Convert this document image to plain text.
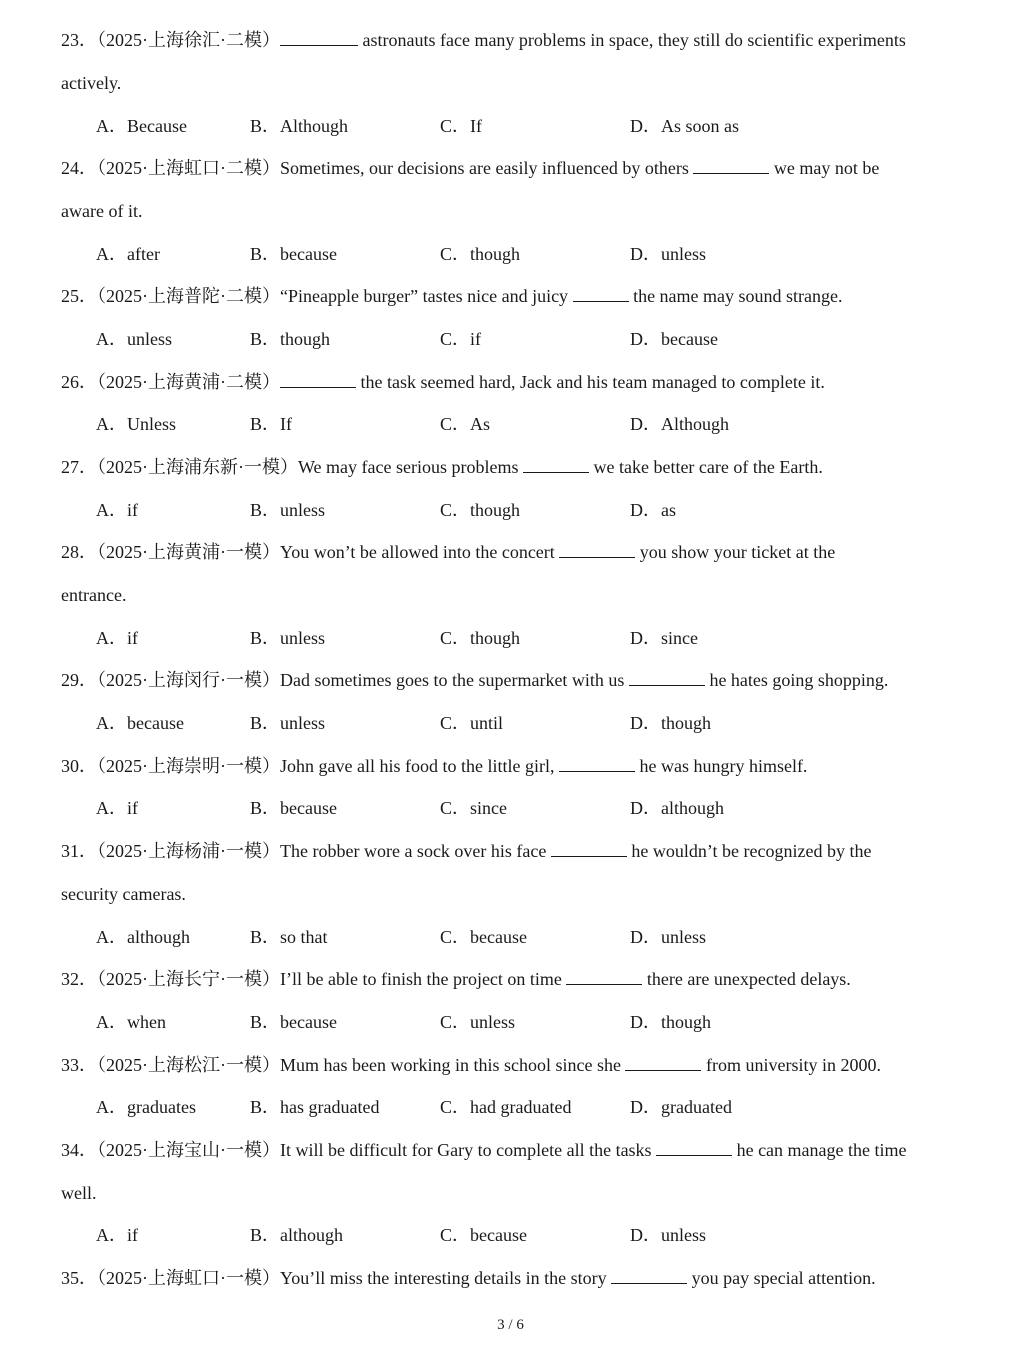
23．（2025·上海徐汇·二模）	astronauts face many problems in space, they still do scientific experiments
actively.
A．Because	B．Although	C．If	D．As soon as
24．（2025·上海虹口·二模）Sometimes, our decisions are easily influenced by others	we may not be
aware of it.
A．after	B．because	C．though	D．unless
25．（2025·上海普陀·二模）“Pineapple burger” tastes nice and juicy	the name may sound strange.
A．unless	B．though	C．if	D．because
26．（2025·上海黄浦·二模）	the task seemed hard, Jack and his team managed to complete it.
A．Unless	B．If	C．As	D．Although
27．（2025·上海浦东新·一模）We may face serious problems	we take better care of the Earth.
A．if	B．unless	C．though	D．as
28．（2025·上海黄浦·一模）You won’t be allowed into the concert	you show your ticket at the
entrance.
A．if	B．unless	C．though	D．since
29．（2025·上海闵行·一模）Dad sometimes goes to the supermarket with us	he hates going shopping.
A．because	B．unless	C．until	D．though
30．（2025·上海崇明·一模）John gave all his food to the little girl,	he was hungry himself.
A．if	B．because	C．since	D．although
31．（2025·上海杨浦·一模）The robber wore a sock over his face	he wouldn’t be recognized by the
security cameras.
A．although	B．so that	C．because	D．unless
32．（2025·上海长宁·一模）I’ll be able to finish the project on time	there are unexpected delays.
A．when	B．because	C．unless	D．though
33．（2025·上海松江·一模）Mum has been working in this school since she	from university in 2000.
A．graduates	B．has graduated	C．had graduated	D．graduated
34．（2025·上海宝山·一模）It will be difficult for Gary to complete all the tasks	he can manage the time
well.
A．if	B．although	C．because	D．unless
35．（2025·上海虹口·一模）You’ll miss the interesting details in the story	you pay special attention.
3 / 6
